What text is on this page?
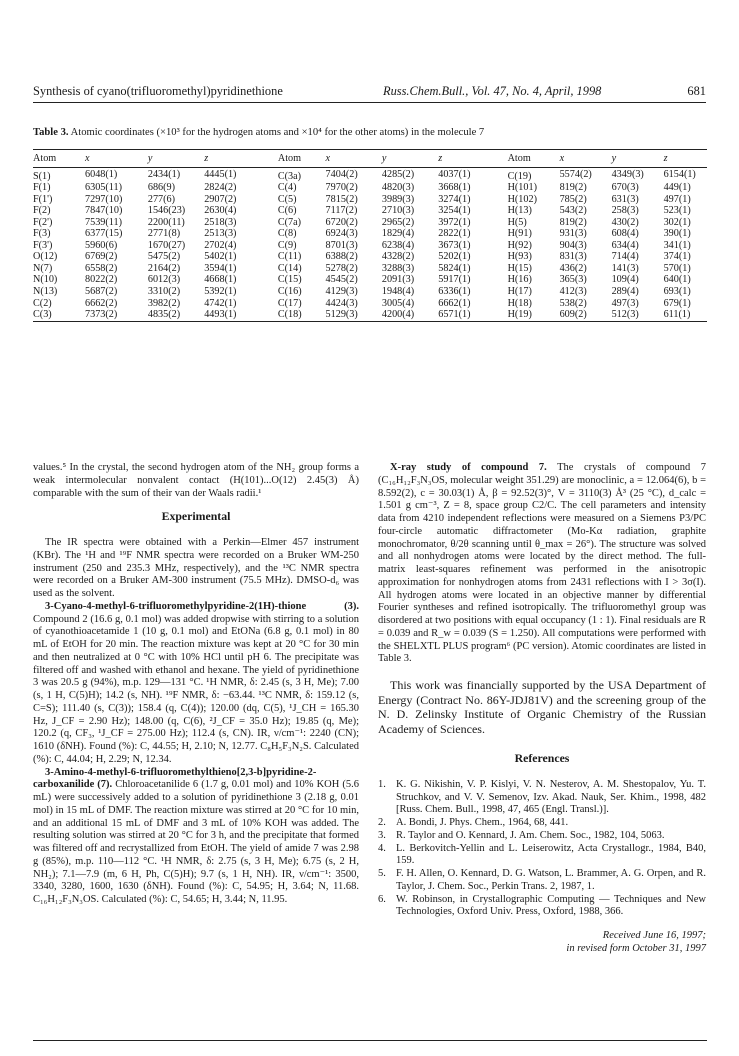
Synthesis of cyano(trifluoromethyl)pyridinethione	Russ.Chem.Bull., Vol. 47, No. 4, April, 1998	681
Table 3. Atomic coordinates (×10³ for the hydrogen atoms and ×10⁴ for the other atoms) in the molecule 7
Atom	x	y	z		Atom	x	y	z		Atom	x	y	z
S(1)	6048(1)	2434(1)	4445(1)		C(3a)	7404(2)	4285(2)	4037(1)		C(19)	5574(2)	4349(3)	6154(1)
F(1)	6305(11)	686(9)	2824(2)		C(4)	7970(2)	4820(3)	3668(1)		H(101)	819(2)	670(3)	449(1)
F(1')	7297(10)	277(6)	2907(2)		C(5)	7815(2)	3989(3)	3274(1)		H(102)	785(2)	631(3)	497(1)
F(2)	7847(10)	1546(23)	2630(4)		C(6)	7117(2)	2710(3)	3254(1)		H(13)	543(2)	258(3)	523(1)
F(2')	7539(11)	2200(11)	2518(3)		C(7a)	6720(2)	2965(2)	3972(1)		H(5)	819(2)	430(2)	302(1)
F(3)	6377(15)	2771(8)	2513(3)		C(8)	6924(3)	1829(4)	2822(1)		H(91)	931(3)	608(4)	390(1)
F(3')	5960(6)	1670(27)	2702(4)		C(9)	8701(3)	6238(4)	3673(1)		H(92)	904(3)	634(4)	341(1)
O(12)	6769(2)	5475(2)	5402(1)		C(11)	6388(2)	4328(2)	5202(1)		H(93)	831(3)	714(4)	374(1)
N(7)	6558(2)	2164(2)	3594(1)		C(14)	5278(2)	3288(3)	5824(1)		H(15)	436(2)	141(3)	570(1)
N(10)	8022(2)	6012(3)	4668(1)		C(15)	4545(2)	2091(3)	5917(1)		H(16)	365(3)	109(4)	640(1)
N(13)	5687(2)	3310(2)	5392(1)		C(16)	4129(3)	1948(4)	6336(1)		H(17)	412(3)	289(4)	693(1)
C(2)	6662(2)	3982(2)	4742(1)		C(17)	4424(3)	3005(4)	6662(1)		H(18)	538(2)	497(3)	679(1)
C(3)	7373(2)	4835(2)	4493(1)		C(18)	5129(3)	4200(4)	6571(1)		H(19)	609(2)	512(3)	611(1)

values.⁵ In the crystal, the second hydrogen atom of the NH₂ group forms a weak intermolecular nonvalent contact (H(101)...O(12) 2.45(3) Å) comparable with the sum of their van der Waals radii.¹

Experimental

The IR spectra were obtained with a Perkin—Elmer 457 instrument (KBr). The ¹H and ¹⁹F NMR spectra were recorded on a Bruker WM-250 instrument (250 and 235.3 MHz, respectively), and the ¹³C NMR spectra were recorded on a Bruker AM-300 instrument (75.5 MHz). DMSO-d₆ was used as the solvent.

3-Cyano-4-methyl-6-trifluoromethylpyridine-2(1H)-thione (3). Compound 2 (16.6 g, 0.1 mol) was added dropwise with stirring to a solution of cyanothioacetamide 1 (10 g, 0.1 mol) and EtONa (6.8 g, 0.1 mol) in 80 mL of EtOH for 20 min. The reaction mixture was kept at 20 °C for 30 min and then neutralized at 0 °C with 10% HCl until pH 6. The precipitate was filtered off and washed with ethanol and hexane. The yield of pyridinethione 3 was 20.5 g (94%), m.p. 129—131 °C. ¹H NMR, δ: 2.45 (s, 3 H, Me); 7.00 (s, 1 H, C(5)H); 14.2 (s, NH). ¹⁹F NMR, δ: −63.44. ¹³C NMR, δ: 159.12 (s, C=S); 111.40 (s, C(3)); 158.4 (q, C(4)); 120.00 (dq, C(5), ¹J_CH = 165.30 Hz, J_CF = 2.90 Hz); 148.00 (q, C(6), ²J_CF = 35.0 Hz); 19.85 (q, Me); 120.2 (q, CF₃, ¹J_CF = 275.00 Hz); 112.4 (s, CN). IR, ν/cm⁻¹: 2240 (CN); 1610 (δNH). Found (%): C, 44.55; H, 2.10; N, 12.77. C₈H₅F₃N₂S. Calculated (%): C, 44.04; H, 2.29; N, 12.34.

3-Amino-4-methyl-6-trifluoromethylthieno[2,3-b]pyridine-2-carboxanilide (7). Chloroacetanilide 6 (1.7 g, 0.01 mol) and 10% KOH (5.6 mL) were successively added to a solution of pyridinethione 3 (2.18 g, 0.01 mol) in 15 mL of DMF. The reaction mixture was stirred at 20 °C for 10 min, and an additional 15 mL of DMF and 3 mL of 10% KOH was added. The resulting solution was stirred at 20 °C for 3 h, and the precipitate that formed was filtered off and recrystallized from EtOH. The yield of amide 7 was 2.98 g (85%), m.p. 110—112 °C. ¹H NMR, δ: 2.75 (s, 3 H, Me); 6.75 (s, 2 H, NH₂); 7.1—7.9 (m, 6 H, Ph, C(5)H); 9.7 (s, 1 H, NH). IR, ν/cm⁻¹: 3500, 3340, 3280, 1600, 1630 (δNH). Found (%): C, 54.95; H, 3.64; N, 11.68. C₁₆H₁₂F₃N₃OS. Calculated (%): C, 54.65; H, 3.44; N, 11.95.

X-ray study of compound 7. The crystals of compound 7 (C₁₆H₁₂F₃N₃OS, molecular weight 351.29) are monoclinic, a = 12.064(6), b = 8.592(2), c = 30.03(1) Å, β = 92.52(3)°, V = 3110(3) Å³ (25 °C), d_calc = 1.501 g cm⁻³, Z = 8, space group C2/C. The cell parameters and intensity data from 4210 independent reflections were measured on a Siemens P3/PC four-circle automatic diffractometer (Mo-Kα radiation, graphite monochromator, θ/2θ scanning until θ_max = 26°). The structure was solved and all nonhydrogen atoms were located by the direct method. The full-matrix least-squares refinement was performed in the anisotropic approximation for nonhydrogen atoms from 2431 reflections with I > 3σ(I). All hydrogen atoms were located in an objective manner by differential Fourier syntheses and refined isotropically. The trifluoromethyl group was disordered at two positions with equal occupancy (1 : 1). Final residuals are R = 0.039 and R_w = 0.039 (S = 1.250). All computations were performed with the SHELXTL PLUS program⁶ (PC version). Atomic coordinates are listed in Table 3.

This work was financially supported by the USA Department of Energy (Contract No. 86Y-JDJ81V) and the screening group of the N. D. Zelinsky Institute of Organic Chemistry of the Russian Academy of Sciences.

References
1. K. G. Nikishin, V. P. Kislyi, V. N. Nesterov, A. M. Shestopalov, Yu. T. Struchkov, and V. V. Semenov, Izv. Akad. Nauk, Ser. Khim., 1998, 482 [Russ. Chem. Bull., 1998, 47, 465 (Engl. Transl.)].
2. A. Bondi, J. Phys. Chem., 1964, 68, 441.
3. R. Taylor and O. Kennard, J. Am. Chem. Soc., 1982, 104, 5063.
4. L. Berkovitch-Yellin and L. Leiserowitz, Acta Crystallogr., 1984, B40, 159.
5. F. H. Allen, O. Kennard, D. G. Watson, L. Brammer, A. G. Orpen, and R. Taylor, J. Chem. Soc., Perkin Trans. 2, 1987, 1.
6. W. Robinson, in Crystallographic Computing — Techniques and New Technologies, Oxford Univ. Press, Oxford, 1988, 366.
Received June 16, 1997;
in revised form October 31, 1997
